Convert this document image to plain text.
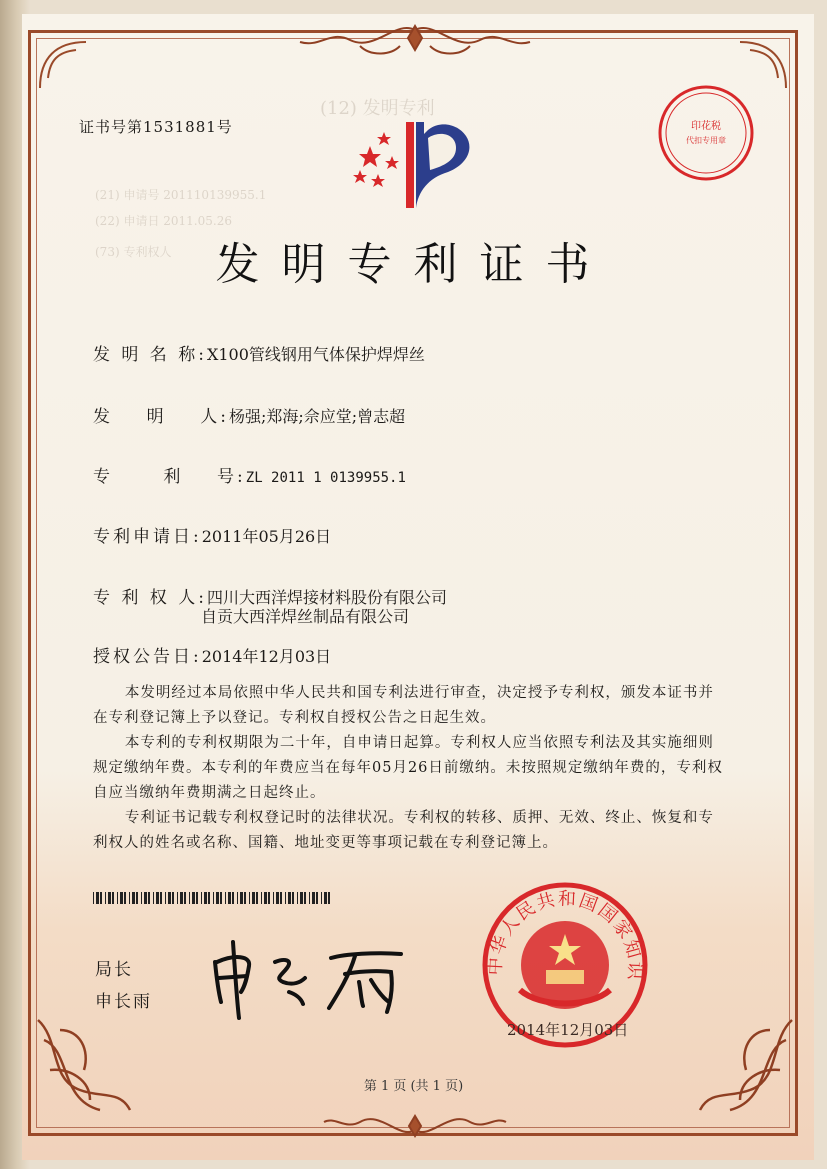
(12) 发明专利
(21) 申请号 201110139955.1
(22) 申请日 2011.05.26
(73) 专利权人
证书号第1531881号	印花税
代扣专用章
发明专利证书
发 明 名 称:X100管线钢用气体保护焊焊丝
发    明    人:杨强;郑海;佘应堂;曾志超
专      利    号:ZL 2011 1 0139955.1
专利申请日:2011年05月26日
专 利 权 人:四川大西洋焊接材料股份有限公司
自贡大西洋焊丝制品有限公司
授权公告日:2014年12月03日

本发明经过本局依照中华人民共和国专利法进行审查，决定授予专利权，颁发本证书并在专利登记簿上予以登记。专利权自授权公告之日起生效。

本专利的专利权期限为二十年，自申请日起算。专利权人应当依照专利法及其实施细则规定缴纳年费。本专利的年费应当在每年05月26日前缴纳。未按照规定缴纳年费的，专利权自应当缴纳年费期满之日起终止。

专利证书记载专利权登记时的法律状况。专利权的转移、质押、无效、终止、恢复和专利权人的姓名或名称、国籍、地址变更等事项记载在专利登记簿上。

局长
申长雨
中华人民共和国国家知识
2014年12月03日
第 1 页 (共 1 页)
